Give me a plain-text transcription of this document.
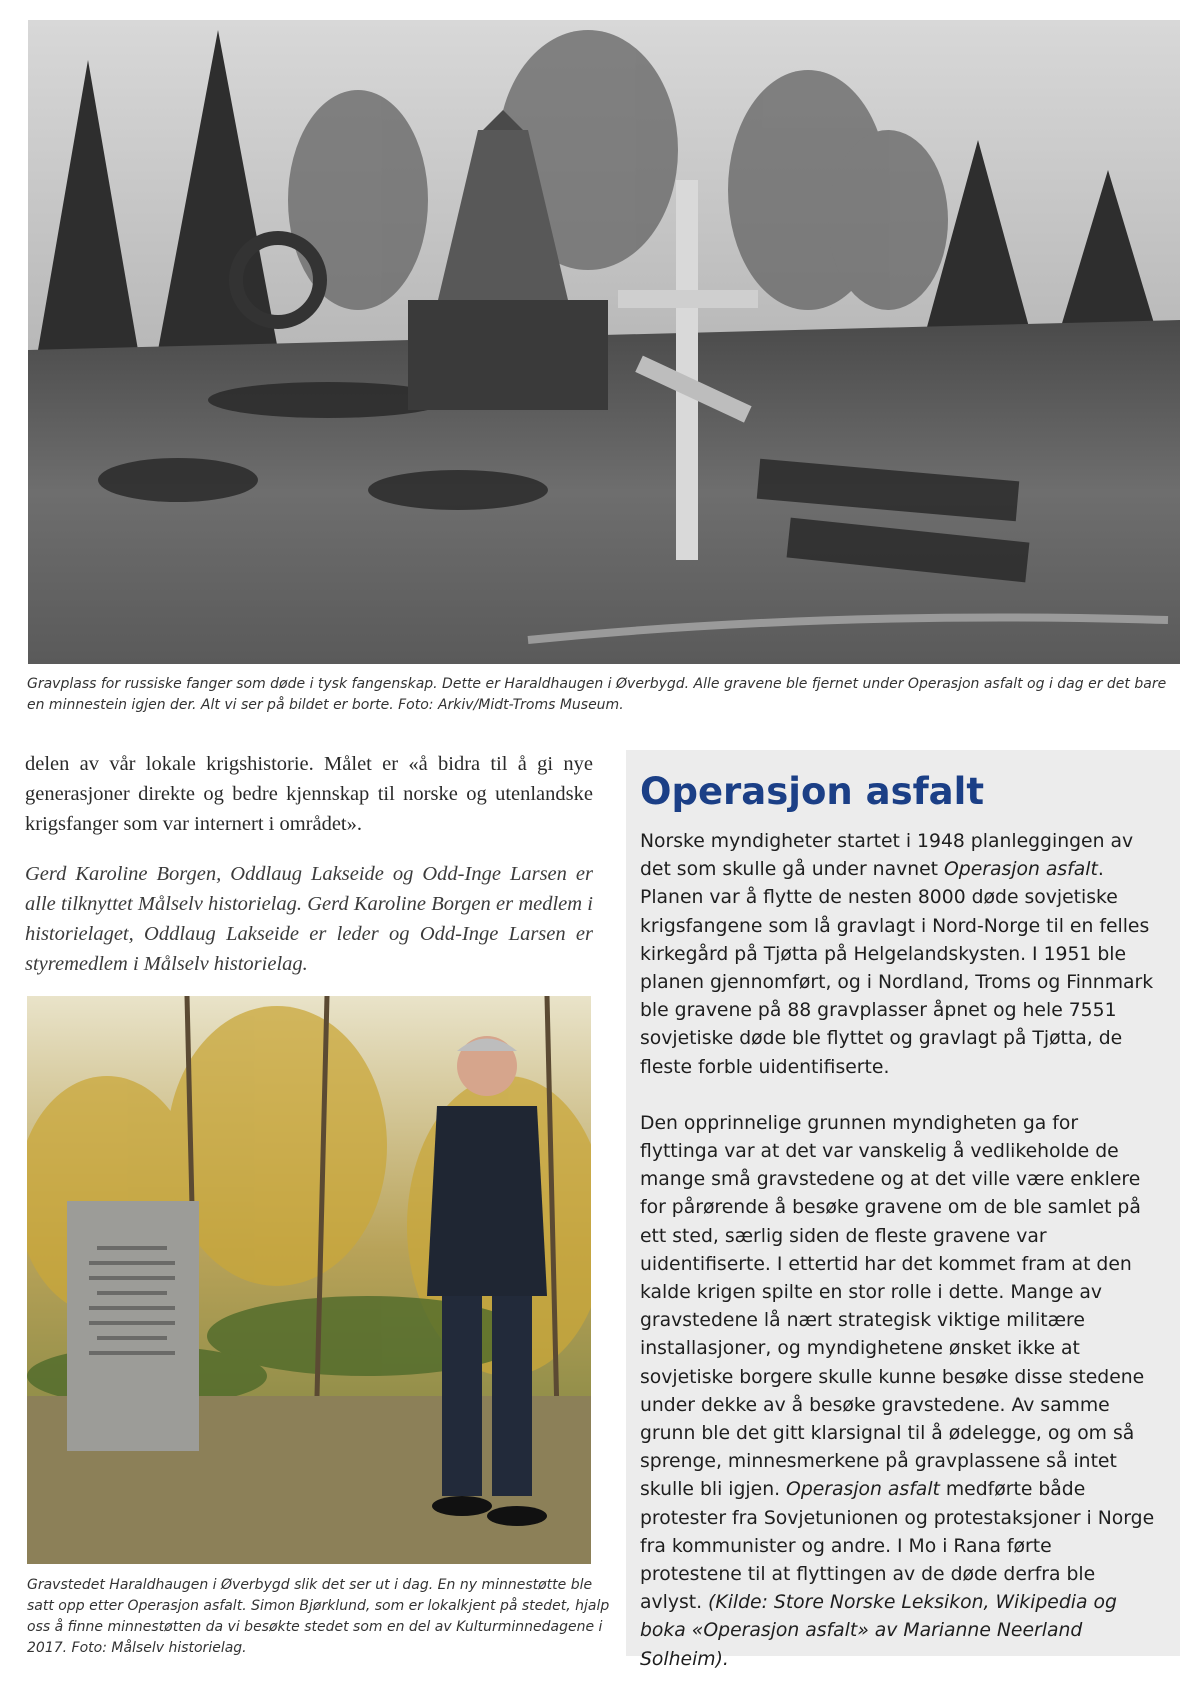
Gravplass for russiske fanger som døde i tysk fangenskap. Dette er Haraldhaugen i Øverbygd. Alle gravene ble fjernet under Operasjon asfalt og i dag er det bare en minnestein igjen der. Alt vi ser på bildet er borte. Foto: Arkiv/Midt-Troms Museum.

delen av vår lokale krigshistorie. Målet er «å bidra til å gi nye generasjoner direkte og bedre kjennskap til norske og utenlandske krigsfanger som var internert i området».

Gerd Karoline Borgen, Oddlaug Lakseide og Odd-Inge Larsen er alle tilknyttet Målselv historielag. Gerd Karoline Borgen er medlem i historielaget, Oddlaug Lakseide er leder og Odd-Inge Larsen er styremedlem i Målselv historielag.

Gravstedet Haraldhaugen i Øverbygd slik det ser ut i dag. En ny minnestøtte ble satt opp etter Operasjon asfalt. Simon Bjørklund, som er lokalkjent på stedet, hjalp oss å finne minnestøtten da vi besøkte stedet som en del av Kulturminnedagene i 2017. Foto: Målselv historielag.

Operasjon asfalt

Norske myndigheter startet i 1948 planleggingen av det som skulle gå under navnet Operasjon asfalt. Planen var å flytte de nesten 8000 døde sovjetiske krigsfangene som lå gravlagt i Nord-Norge til en felles kirkegård på Tjøtta på Helgelandskysten. I 1951 ble planen gjennomført, og i Nordland, Troms og Finnmark ble gravene på 88 gravplasser åpnet og hele 7551 sovjetiske døde ble flyttet og gravlagt på Tjøtta, de fleste forble uidentifiserte.

Den opprinnelige grunnen myndigheten ga for flyttinga var at det var vanskelig å vedlikeholde de mange små gravstedene og at det ville være enklere for pårørende å besøke gravene om de ble samlet på ett sted, særlig siden de fleste gravene var uidentifiserte. I ettertid har det kommet fram at den kalde krigen spilte en stor rolle i dette. Mange av gravstedene lå nært strategisk viktige militære installasjoner, og myndighetene ønsket ikke at sovjetiske borgere skulle kunne besøke disse stedene under dekke av å besøke gravstedene. Av samme grunn ble det gitt klarsignal til å ødelegge, og om så sprenge, minnesmerkene på gravplassene så intet skulle bli igjen. Operasjon asfalt medførte både protester fra Sovjetunionen og protestaksjoner i Norge fra kommunister og andre. I Mo i Rana førte protestene til at flyttingen av de døde derfra ble avlyst. (Kilde: Store Norske Leksikon, Wikipedia og boka «Operasjon asfalt» av Marianne Neerland Solheim).
